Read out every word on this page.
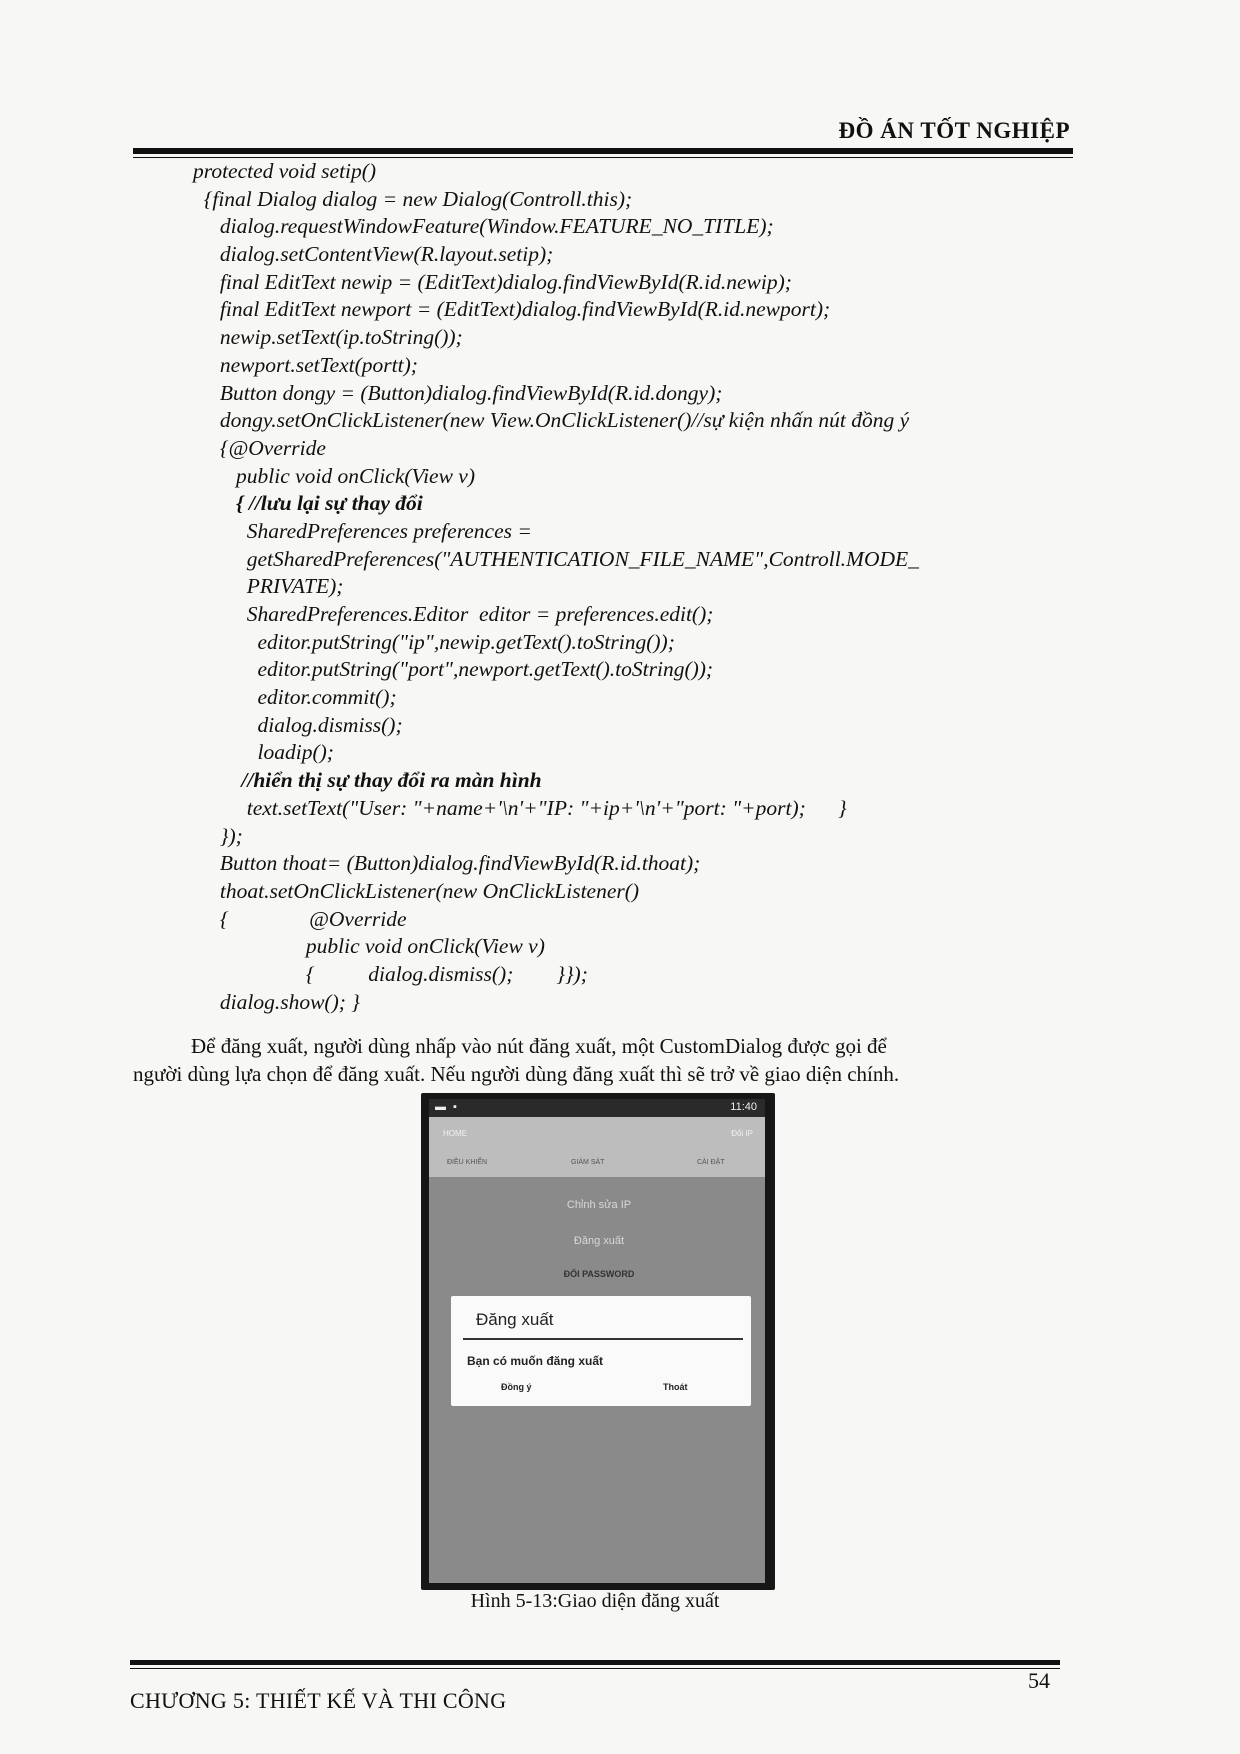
ĐỒ ÁN TỐT NGHIỆP
protected void setip()
{final Dialog dialog = new Dialog(Controll.this);
dialog.requestWindowFeature(Window.FEATURE_NO_TITLE);
dialog.setContentView(R.layout.setip);
final EditText newip = (EditText)dialog.findViewById(R.id.newip);
final EditText newport = (EditText)dialog.findViewById(R.id.newport);
newip.setText(ip.toString());
newport.setText(portt);
Button dongy = (Button)dialog.findViewById(R.id.dongy);
dongy.setOnClickListener(new View.OnClickListener()//sự kiện nhấn nút đồng ý
{@Override
public void onClick(View v)
{ //lưu lại sự thay đổi
SharedPreferences preferences =
getSharedPreferences("AUTHENTICATION_FILE_NAME",Controll.MODE_
PRIVATE);
SharedPreferences.Editor  editor = preferences.edit();
editor.putString("ip",newip.getText().toString());
editor.putString("port",newport.getText().toString());
editor.commit();
dialog.dismiss();
loadip();
//hiển thị sự thay đổi ra màn hình
text.setText("User: "+name+'\n'+"IP: "+ip+'\n'+"port: "+port);      }
});
Button thoat= (Button)dialog.findViewById(R.id.thoat);
thoat.setOnClickListener(new OnClickListener()
{               @Override
public void onClick(View v)
{          dialog.dismiss();        }});
dialog.show(); }
Để đăng xuất, người dùng nhấp vào nút đăng xuất, một CustomDialog được gọi để
người dùng lựa chọn để đăng xuất. Nếu người dùng đăng xuất thì sẽ trở về giao diện chính.
▬ ▪	11:40
HOME	Đổi IP
ĐIỀU KHIỂN	GIÁM SÁT	CÀI ĐẶT
Chỉnh sửa IP
Đăng xuất
ĐỔI PASSWORD
Đăng xuất
Bạn có muốn đăng xuất
Đồng ý	Thoát
Hình 5-13:Giao diện đăng xuất
CHƯƠNG 5: THIẾT KẾ VÀ THI CÔNG
54
